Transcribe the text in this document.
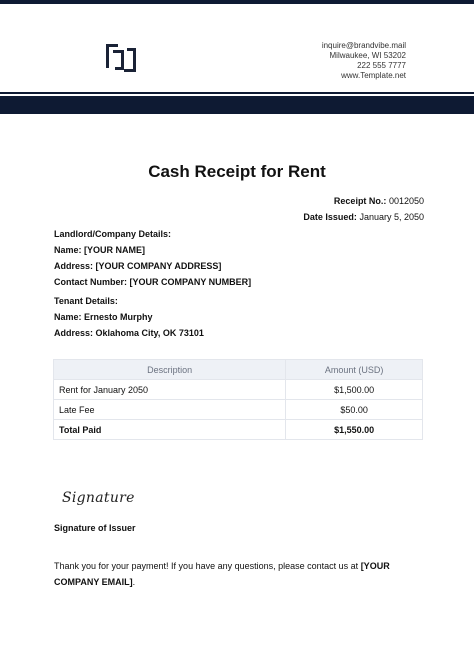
inquire@brandvibe.mail
Milwaukee, WI 53202
222 555 7777
www.Template.net
Cash Receipt for Rent
Receipt No.: 0012050
Date Issued: January 5, 2050
Landlord/Company Details:
Name: [YOUR NAME]
Address: [YOUR COMPANY ADDRESS]
Contact Number: [YOUR COMPANY NUMBER]
Tenant Details:
Name: Ernesto Murphy
Address: Oklahoma City, OK 73101
Description	Amount (USD)
Rent for January 2050	$1,500.00
Late Fee	$50.00
Total Paid	$1,550.00
Signature
Signature of Issuer
Thank you for your payment! If you have any questions, please contact us at [YOUR COMPANY EMAIL].
